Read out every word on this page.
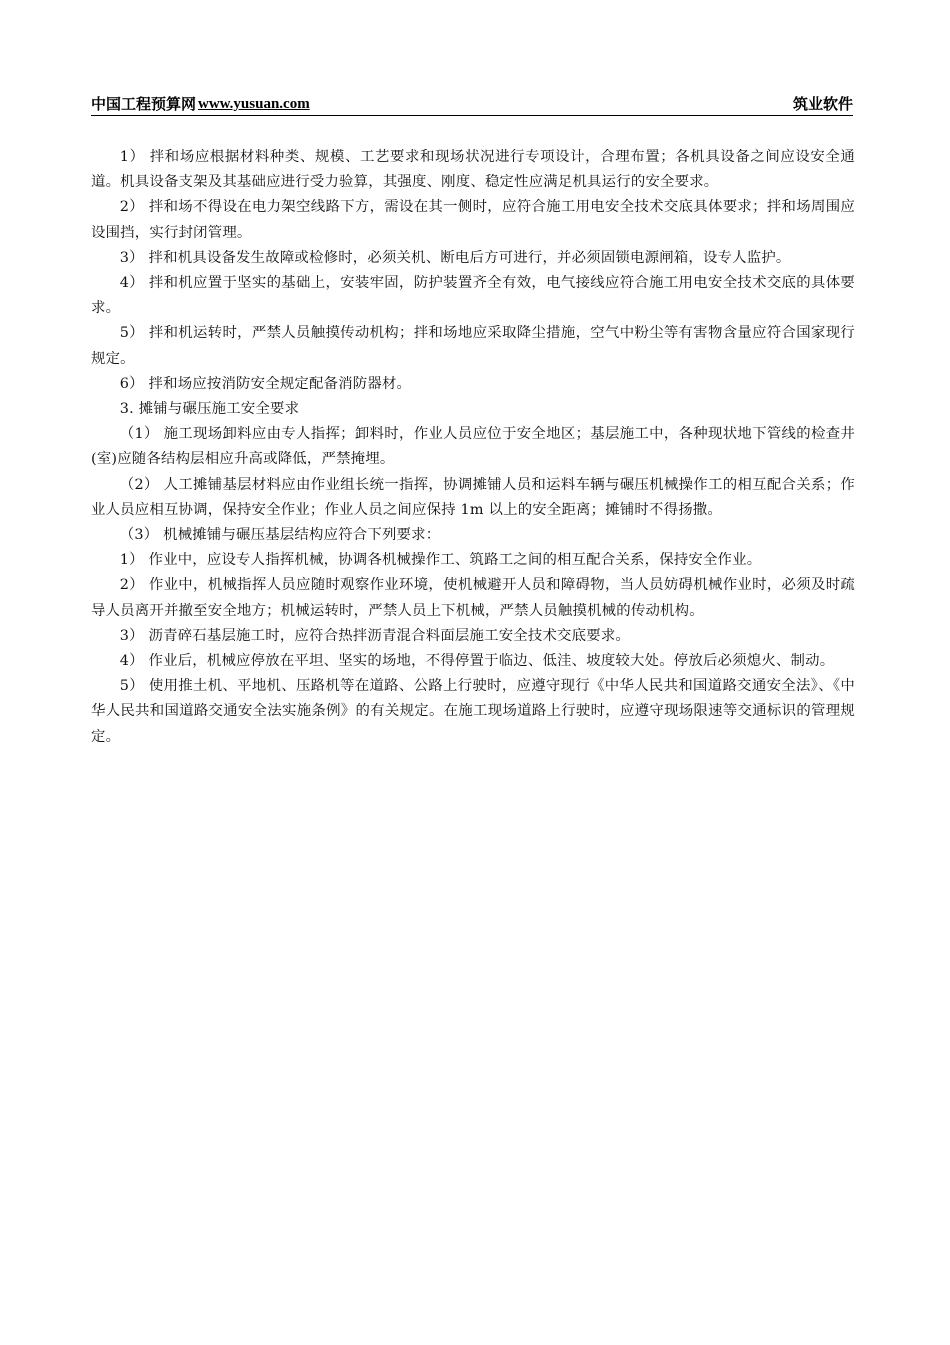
中国工程预算网 www.yusuan.com	筑业软件

1） 拌和场应根据材料种类、规模、工艺要求和现场状况进行专项设计，合理布置；各机具设备之间应设安全通道。机具设备支架及其基础应进行受力验算，其强度、刚度、稳定性应满足机具运行的安全要求。

2） 拌和场不得设在电力架空线路下方，需设在其一侧时，应符合施工用电安全技术交底具体要求；拌和场周围应设围挡，实行封闭管理。

3） 拌和机具设备发生故障或检修时，必须关机、断电后方可进行，并必须固锁电源闸箱，设专人监护。

4） 拌和机应置于坚实的基础上，安装牢固，防护装置齐全有效，电气接线应符合施工用电安全技术交底的具体要求。

5） 拌和机运转时，严禁人员触摸传动机构；拌和场地应采取降尘措施，空气中粉尘等有害物含量应符合国家现行规定。

6） 拌和场应按消防安全规定配备消防器材。

3. 摊铺与碾压施工安全要求

（1） 施工现场卸料应由专人指挥；卸料时，作业人员应位于安全地区；基层施工中，各种现状地下管线的检查井(室)应随各结构层相应升高或降低，严禁掩埋。

（2） 人工摊铺基层材料应由作业组长统一指挥，协调摊铺人员和运料车辆与碾压机械操作工的相互配合关系；作业人员应相互协调，保持安全作业；作业人员之间应保持 1m 以上的安全距离；摊铺时不得扬撒。

（3） 机械摊铺与碾压基层结构应符合下列要求：

1） 作业中，应设专人指挥机械，协调各机械操作工、筑路工之间的相互配合关系，保持安全作业。

2） 作业中，机械指挥人员应随时观察作业环境，使机械避开人员和障碍物，当人员妨碍机械作业时，必须及时疏导人员离开并撤至安全地方；机械运转时，严禁人员上下机械，严禁人员触摸机械的传动机构。

3） 沥青碎石基层施工时，应符合热拌沥青混合料面层施工安全技术交底要求。

4） 作业后，机械应停放在平坦、坚实的场地，不得停置于临边、低洼、坡度较大处。停放后必须熄火、制动。

5） 使用推土机、平地机、压路机等在道路、公路上行驶时，应遵守现行《中华人民共和国道路交通安全法》、《中华人民共和国道路交通安全法实施条例》的有关规定。在施工现场道路上行驶时，应遵守现场限速等交通标识的管理规定。
